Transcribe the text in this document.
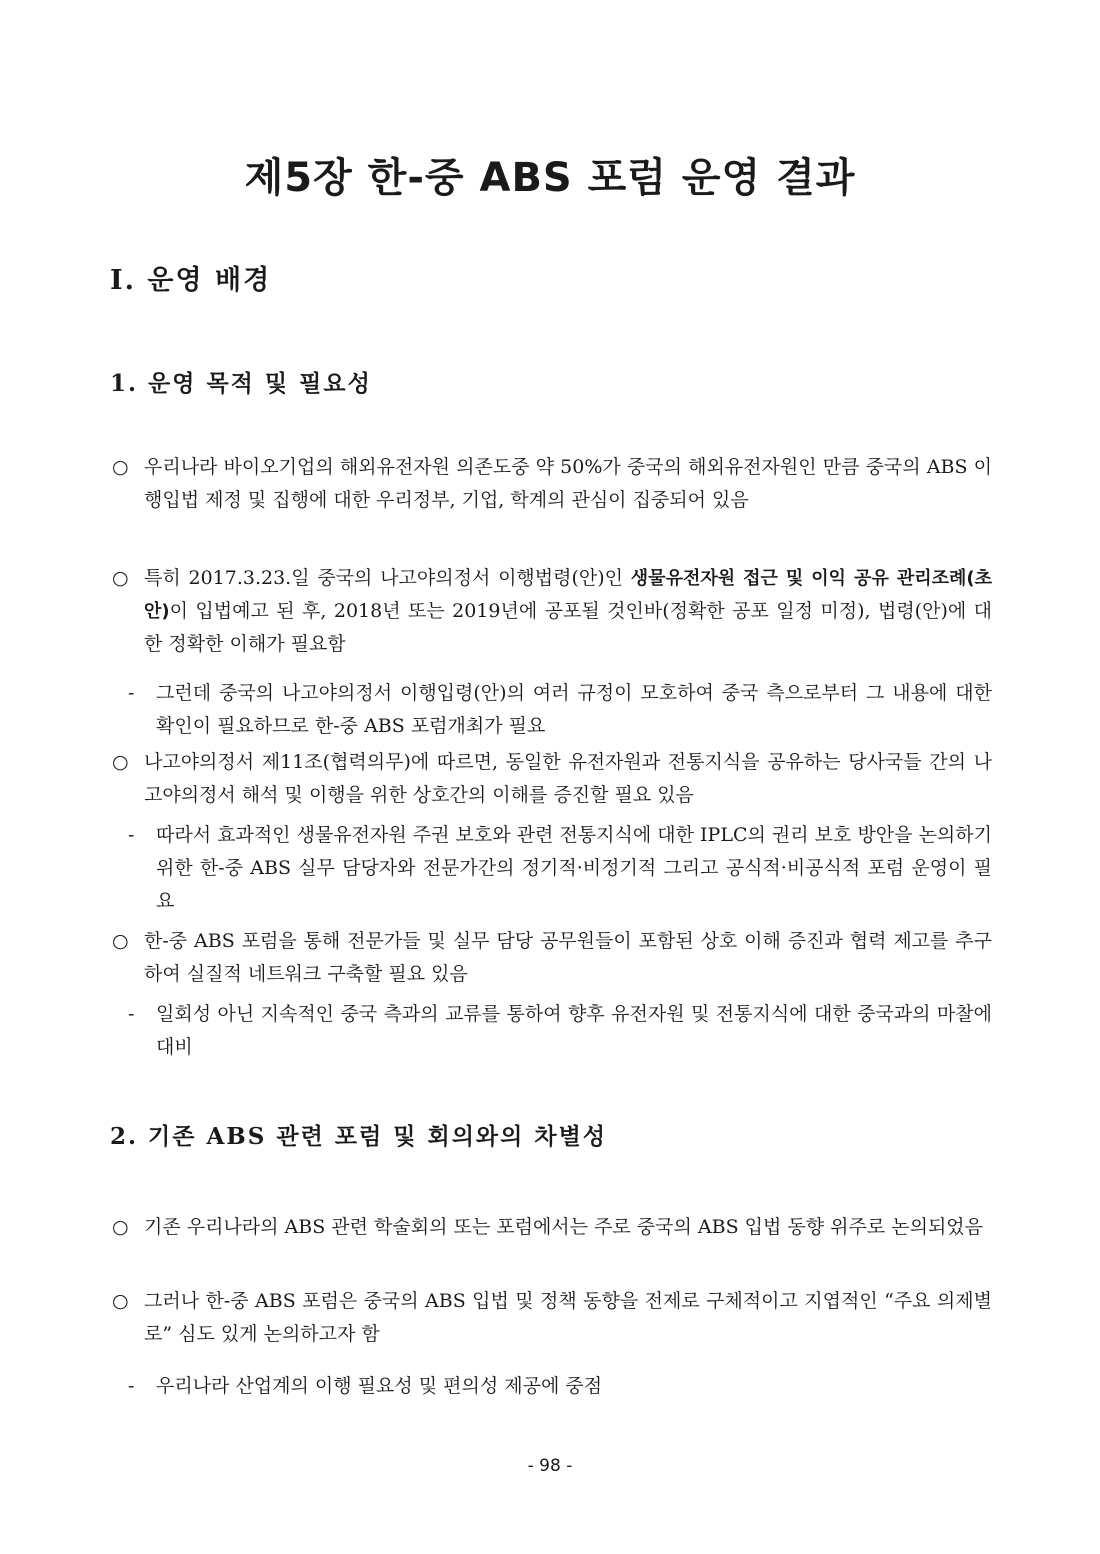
제5장 한-중 ABS 포럼 운영 결과
I. 운영 배경
1. 운영 목적 및 필요성
○ 우리나라 바이오기업의 해외유전자원 의존도중 약 50%가 중국의 해외유전자원인 만큼 중국의 ABS 이행입법 제정 및 집행에 대한 우리정부, 기업, 학계의 관심이 집중되어 있음
○ 특히 2017.3.23.일 중국의 나고야의정서 이행법령(안)인 생물유전자원 접근 및 이익 공유 관리조례(초안)이 입법예고 된 후, 2018년 또는 2019년에 공포될 것인바(정확한 공포 일정 미정), 법령(안)에 대한 정확한 이해가 필요함
- 그런데 중국의 나고야의정서 이행입령(안)의 여러 규정이 모호하여 중국 측으로부터 그 내용에 대한 확인이 필요하므로 한-중 ABS 포럼개최가 필요
○ 나고야의정서 제11조(협력의무)에 따르면, 동일한 유전자원과 전통지식을 공유하는 당사국들 간의 나고야의정서 해석 및 이행을 위한 상호간의 이해를 증진할 필요 있음
- 따라서 효과적인 생물유전자원 주권 보호와 관련 전통지식에 대한 IPLC의 권리 보호 방안을 논의하기 위한 한-중 ABS 실무 담당자와 전문가간의 정기적·비정기적 그리고 공식적·비공식적 포럼 운영이 필요
○ 한-중 ABS 포럼을 통해 전문가들 및 실무 담당 공무원들이 포함된 상호 이해 증진과 협력 제고를 추구하여 실질적 네트워크 구축할 필요 있음
- 일회성 아닌 지속적인 중국 측과의 교류를 통하여 향후 유전자원 및 전통지식에 대한 중국과의 마찰에 대비
2. 기존 ABS 관련 포럼 및 회의와의 차별성
○ 기존 우리나라의 ABS 관련 학술회의 또는 포럼에서는 주로 중국의 ABS 입법 동향 위주로 논의되었음
○ 그러나 한-중 ABS 포럼은 중국의 ABS 입법 및 정책 동향을 전제로 구체적이고 지엽적인 “주요 의제별로” 심도 있게 논의하고자 함
- 우리나라 산업계의 이행 필요성 및 편의성 제공에 중점
- 98 -
